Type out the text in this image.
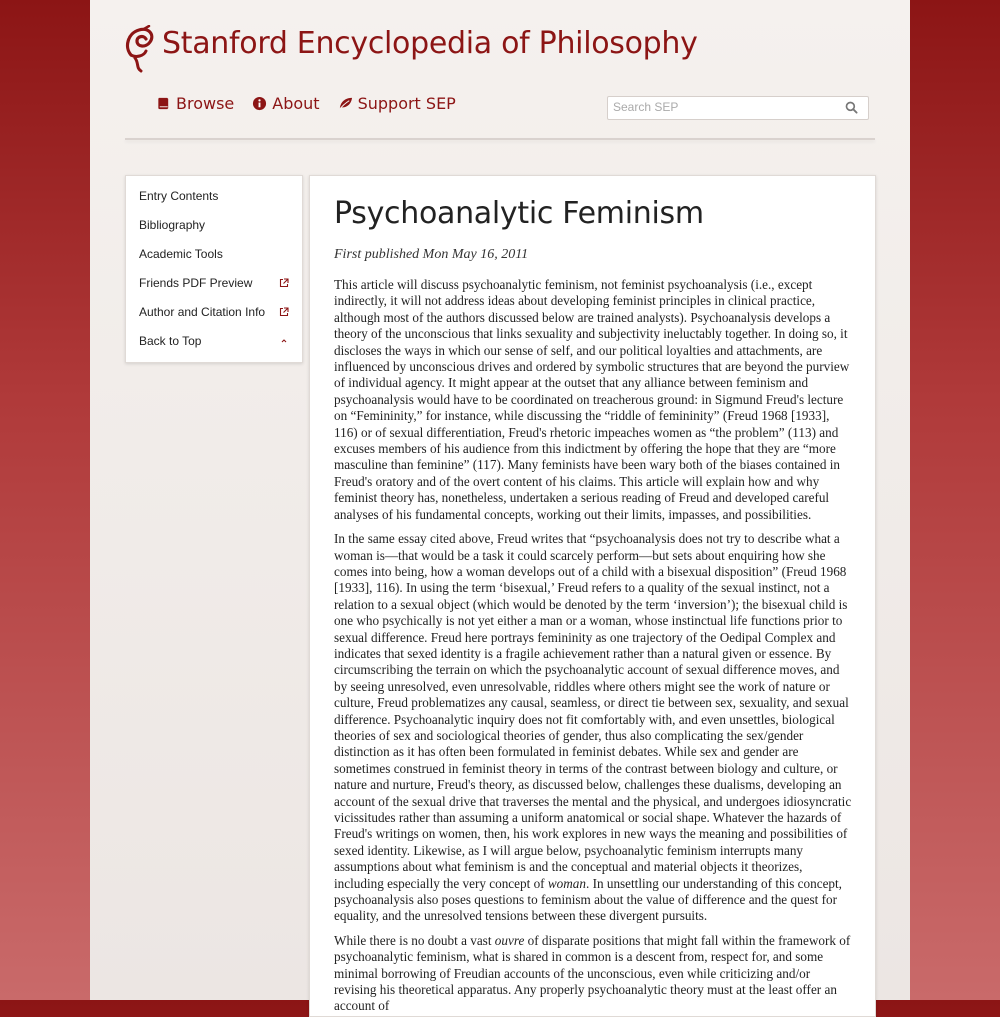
Stanford Encyclopedia of Philosophy
Browse About Support SEP
Search SEP
Entry Contents
Bibliography
Academic Tools
Friends PDF Preview
Author and Citation Info
Back to Top
Psychoanalytic Feminism
First published Mon May 16, 2011

This article will discuss psychoanalytic feminism, not feminist psychoanalysis (i.e., except indirectly, it will not address ideas about developing feminist principles in clinical practice, although most of the authors discussed below are trained analysts). Psychoanalysis develops a theory of the unconscious that links sexuality and subjectivity ineluctably together. In doing so, it discloses the ways in which our sense of self, and our political loyalties and attachments, are influenced by unconscious drives and ordered by symbolic structures that are beyond the purview of individual agency. It might appear at the outset that any alliance between feminism and psychoanalysis would have to be coordinated on treacherous ground: in Sigmund Freud's lecture on “Femininity,” for instance, while discussing the “riddle of femininity” (Freud 1968 [1933], 116) or of sexual differentiation, Freud's rhetoric impeaches women as “the problem” (113) and excuses members of his audience from this indictment by offering the hope that they are “more masculine than feminine” (117). Many feminists have been wary both of the biases contained in Freud's oratory and of the overt content of his claims. This article will explain how and why feminist theory has, nonetheless, undertaken a serious reading of Freud and developed careful analyses of his fundamental concepts, working out their limits, impasses, and possibilities.

In the same essay cited above, Freud writes that “psychoanalysis does not try to describe what a woman is—that would be a task it could scarcely perform—but sets about enquiring how she comes into being, how a woman develops out of a child with a bisexual disposition” (Freud 1968 [1933], 116). In using the term ‘bisexual,’ Freud refers to a quality of the sexual instinct, not a relation to a sexual object (which would be denoted by the term ‘inversion’); the bisexual child is one who psychically is not yet either a man or a woman, whose instinctual life functions prior to sexual difference. Freud here portrays femininity as one trajectory of the Oedipal Complex and indicates that sexed identity is a fragile achievement rather than a natural given or essence. By circumscribing the terrain on which the psychoanalytic account of sexual difference moves, and by seeing unresolved, even unresolvable, riddles where others might see the work of nature or culture, Freud problematizes any causal, seamless, or direct tie between sex, sexuality, and sexual difference. Psychoanalytic inquiry does not fit comfortably with, and even unsettles, biological theories of sex and sociological theories of gender, thus also complicating the sex/gender distinction as it has often been formulated in feminist debates. While sex and gender are sometimes construed in feminist theory in terms of the contrast between biology and culture, or nature and nurture, Freud's theory, as discussed below, challenges these dualisms, developing an account of the sexual drive that traverses the mental and the physical, and undergoes idiosyncratic vicissitudes rather than assuming a uniform anatomical or social shape. Whatever the hazards of Freud's writings on women, then, his work explores in new ways the meaning and possibilities of sexed identity. Likewise, as I will argue below, psychoanalytic feminism interrupts many assumptions about what feminism is and the conceptual and material objects it theorizes, including especially the very concept of woman. In unsettling our understanding of this concept, psychoanalysis also poses questions to feminism about the value of difference and the quest for equality, and the unresolved tensions between these divergent pursuits.

While there is no doubt a vast ouvre of disparate positions that might fall within the framework of psychoanalytic feminism, what is shared in common is a descent from, respect for, and some minimal borrowing of Freudian accounts of the unconscious, even while criticizing and/or revising his theoretical apparatus. Any properly psychoanalytic theory must at the least offer an account of
